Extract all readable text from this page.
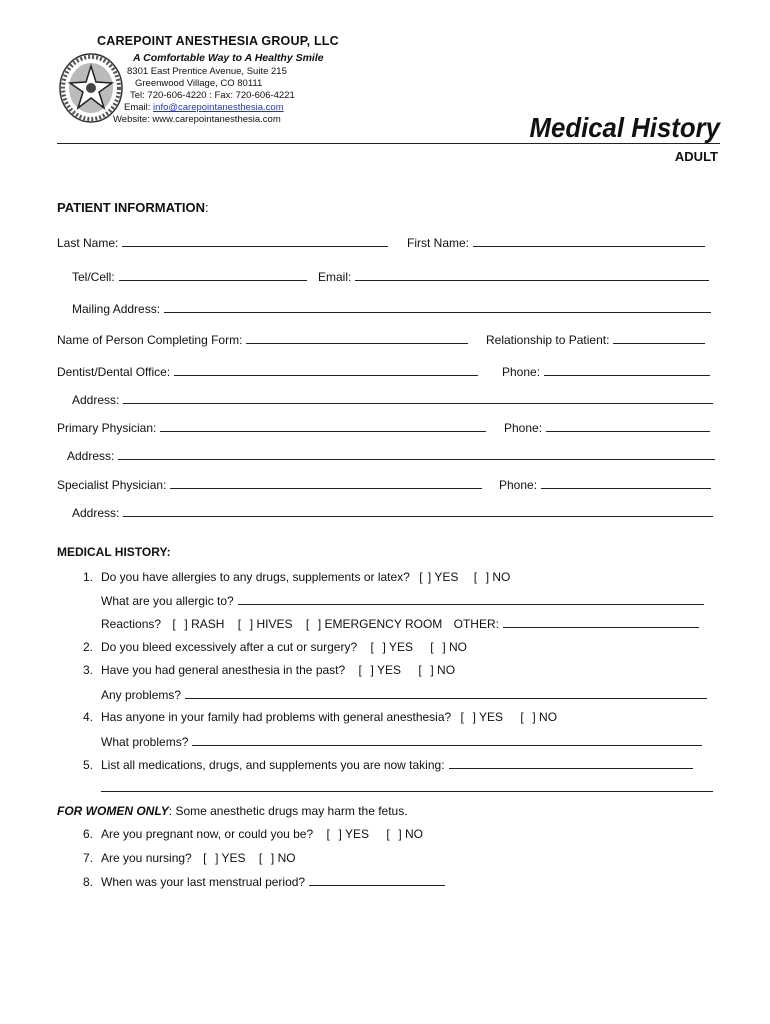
CAREPOINT ANESTHESIA GROUP, LLC
A Comfortable Way to A Healthy Smile
8301 East Prentice Avenue, Suite 215
Greenwood Village, CO 80111
Tel: 720-606-4220 : Fax: 720-606-4221
Email: info@carepointanesthesia.com
Website: www.carepointanesthesia.com	Medical History
ADULT
PATIENT INFORMATION:
Last Name:	First Name:
Tel/Cell:	Email:
Mailing Address:
Name of Person Completing Form:	Relationship to Patient:
Dentist/Dental Office:	Phone:
Address:
Primary Physician:	Phone:
Address:
Specialist Physician:	Phone:
Address:
MEDICAL HISTORY:
1. Do you have allergies to any drugs, supplements or latex? [ ] YES [ ] NO
What are you allergic to?
Reactions? [ ] RASH [ ] HIVES [ ] EMERGENCY ROOM OTHER:
2. Do you bleed excessively after a cut or surgery? [ ] YES [ ] NO
3. Have you had general anesthesia in the past? [ ] YES [ ] NO
Any problems?
4. Has anyone in your family had problems with general anesthesia? [ ] YES [ ] NO
What problems?
5. List all medications, drugs, and supplements you are now taking:
FOR WOMEN ONLY: Some anesthetic drugs may harm the fetus.
6. Are you pregnant now, or could you be? [ ] YES [ ] NO
7. Are you nursing? [ ] YES [ ] NO
8. When was your last menstrual period?
